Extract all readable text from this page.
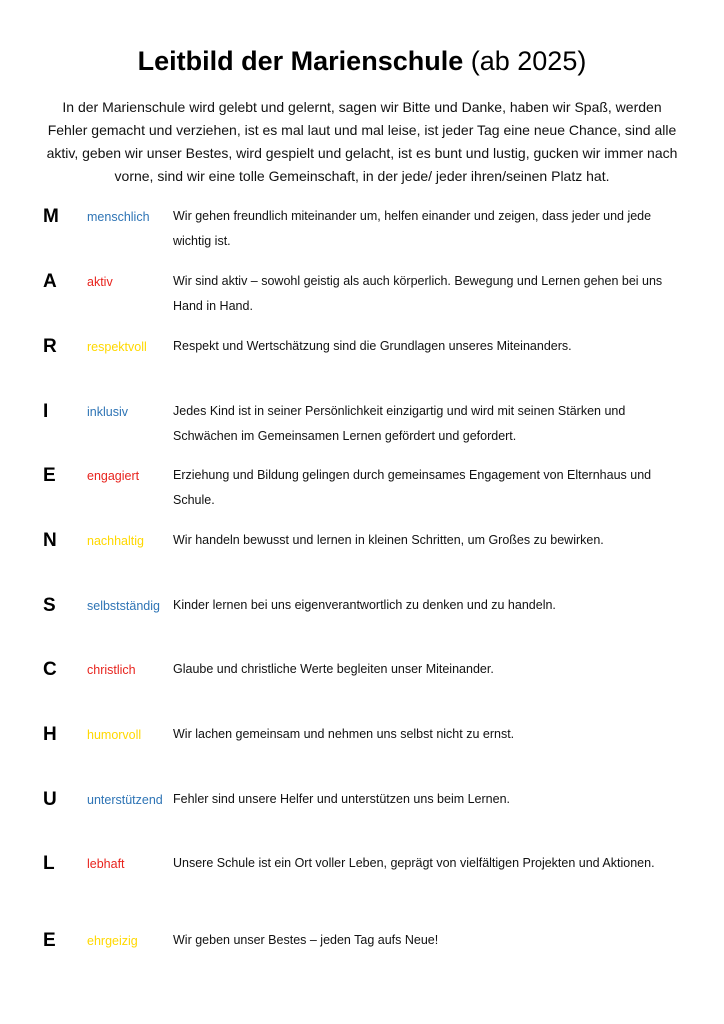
Leitbild der Marienschule (ab 2025)
In der Marienschule wird gelebt und gelernt, sagen wir Bitte und Danke, haben wir Spaß, werden Fehler gemacht und verziehen, ist es mal laut und mal leise, ist jeder Tag eine neue Chance, sind alle aktiv, geben wir unser Bestes, wird gespielt und gelacht, ist es bunt und lustig, gucken wir immer nach vorne, sind wir eine tolle Gemeinschaft, in der jede/ jeder ihren/seinen Platz hat.
M menschlich Wir gehen freundlich miteinander um, helfen einander und zeigen, dass jeder und jede wichtig ist.
A aktiv	Wir sind aktiv – sowohl geistig als auch körperlich. Bewegung und Lernen gehen bei uns Hand in Hand.
R respektvoll Respekt und Wertschätzung sind die Grundlagen unseres Miteinanders.
I	inklusiv	Jedes Kind ist in seiner Persönlichkeit einzigartig und wird mit seinen Stärken und Schwächen im Gemeinsamen Lernen gefördert und gefordert.
E	engagiert	Erziehung und Bildung gelingen durch gemeinsames Engagement von Elternhaus und Schule.
N nachhaltig Wir handeln bewusst und lernen in kleinen Schritten, um Großes zu bewirken.
S	selbstständig Kinder lernen bei uns eigenverantwortlich zu denken und zu handeln.
C christlich	Glaube und christliche Werte begleiten unser Miteinander.
H humorvoll	Wir lachen gemeinsam und nehmen uns selbst nicht zu ernst.
U unterstützend Fehler sind unsere Helfer und unterstützen uns beim Lernen.
L	lebhaft	Unsere Schule ist ein Ort voller Leben, geprägt von vielfältigen Projekten und Aktionen.
E	ehrgeizig	Wir geben unser Bestes – jeden Tag aufs Neue!
